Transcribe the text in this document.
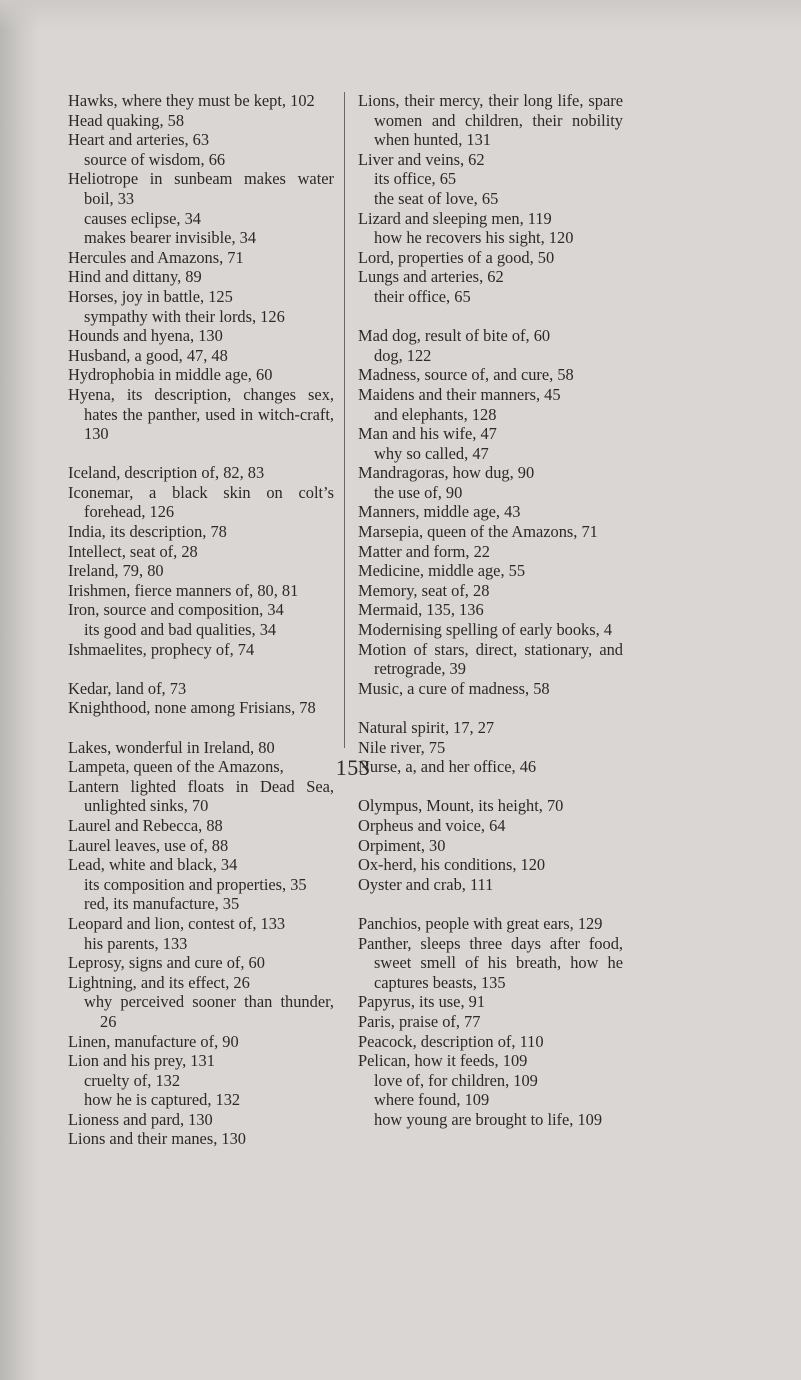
Hawks, where they must be kept, 102

Head quaking, 58

Heart and arteries, 63

source of wisdom, 66

Heliotrope in sunbeam makes water boil, 33

causes eclipse, 34

makes bearer invisible, 34

Hercules and Amazons, 71

Hind and dittany, 89

Horses, joy in battle, 125

sympathy with their lords, 126

Hounds and hyena, 130

Husband, a good, 47, 48

Hydrophobia in middle age, 60

Hyena, its description, changes sex, hates the panther, used in witch-craft, 130

Iceland, description of, 82, 83

Iconemar, a black skin on colt’s forehead, 126

India, its description, 78

Intellect, seat of, 28

Ireland, 79, 80

Irishmen, fierce manners of, 80, 81

Iron, source and composition, 34

its good and bad qualities, 34

Ishmaelites, prophecy of, 74

Kedar, land of, 73

Knighthood, none among Frisians, 78

Lakes, wonderful in Ireland, 80

Lampeta, queen of the Amazons,

Lantern lighted floats in Dead Sea, unlighted sinks, 70

Laurel and Rebecca, 88

Laurel leaves, use of, 88

Lead, white and black, 34

its composition and properties, 35

red, its manufacture, 35

Leopard and lion, contest of, 133

his parents, 133

Leprosy, signs and cure of, 60

Lightning, and its effect, 26

why perceived sooner than thunder, 26

Linen, manufacture of, 90

Lion and his prey, 131

cruelty of, 132

how he is captured, 132

Lioness and pard, 130

Lions and their manes, 130

Lions, their mercy, their long life, spare women and children, their nobility when hunted, 131

Liver and veins, 62

its office, 65

the seat of love, 65

Lizard and sleeping men, 119

how he recovers his sight, 120

Lord, properties of a good, 50

Lungs and arteries, 62

their office, 65

Mad dog, result of bite of, 60

dog, 122

Madness, source of, and cure, 58

Maidens and their manners, 45

and elephants, 128

Man and his wife, 47

why so called, 47

Mandragoras, how dug, 90

the use of, 90

Manners, middle age, 43

Marsepia, queen of the Amazons, 71

Matter and form, 22

Medicine, middle age, 55

Memory, seat of, 28

Mermaid, 135, 136

Modernising spelling of early books, 4

Motion of stars, direct, stationary, and retrograde, 39

Music, a cure of madness, 58

Natural spirit, 17, 27

Nile river, 75

Nurse, a, and her office, 46

Olympus, Mount, its height, 70

Orpheus and voice, 64

Orpiment, 30

Ox-herd, his conditions, 120

Oyster and crab, 111

Panchios, people with great ears, 129

Panther, sleeps three days after food, sweet smell of his breath, how he captures beasts, 135

Papyrus, its use, 91

Paris, praise of, 77

Peacock, description of, 110

Pelican, how it feeds, 109

love of, for children, 109

where found, 109

how young are brought to life, 109

153
